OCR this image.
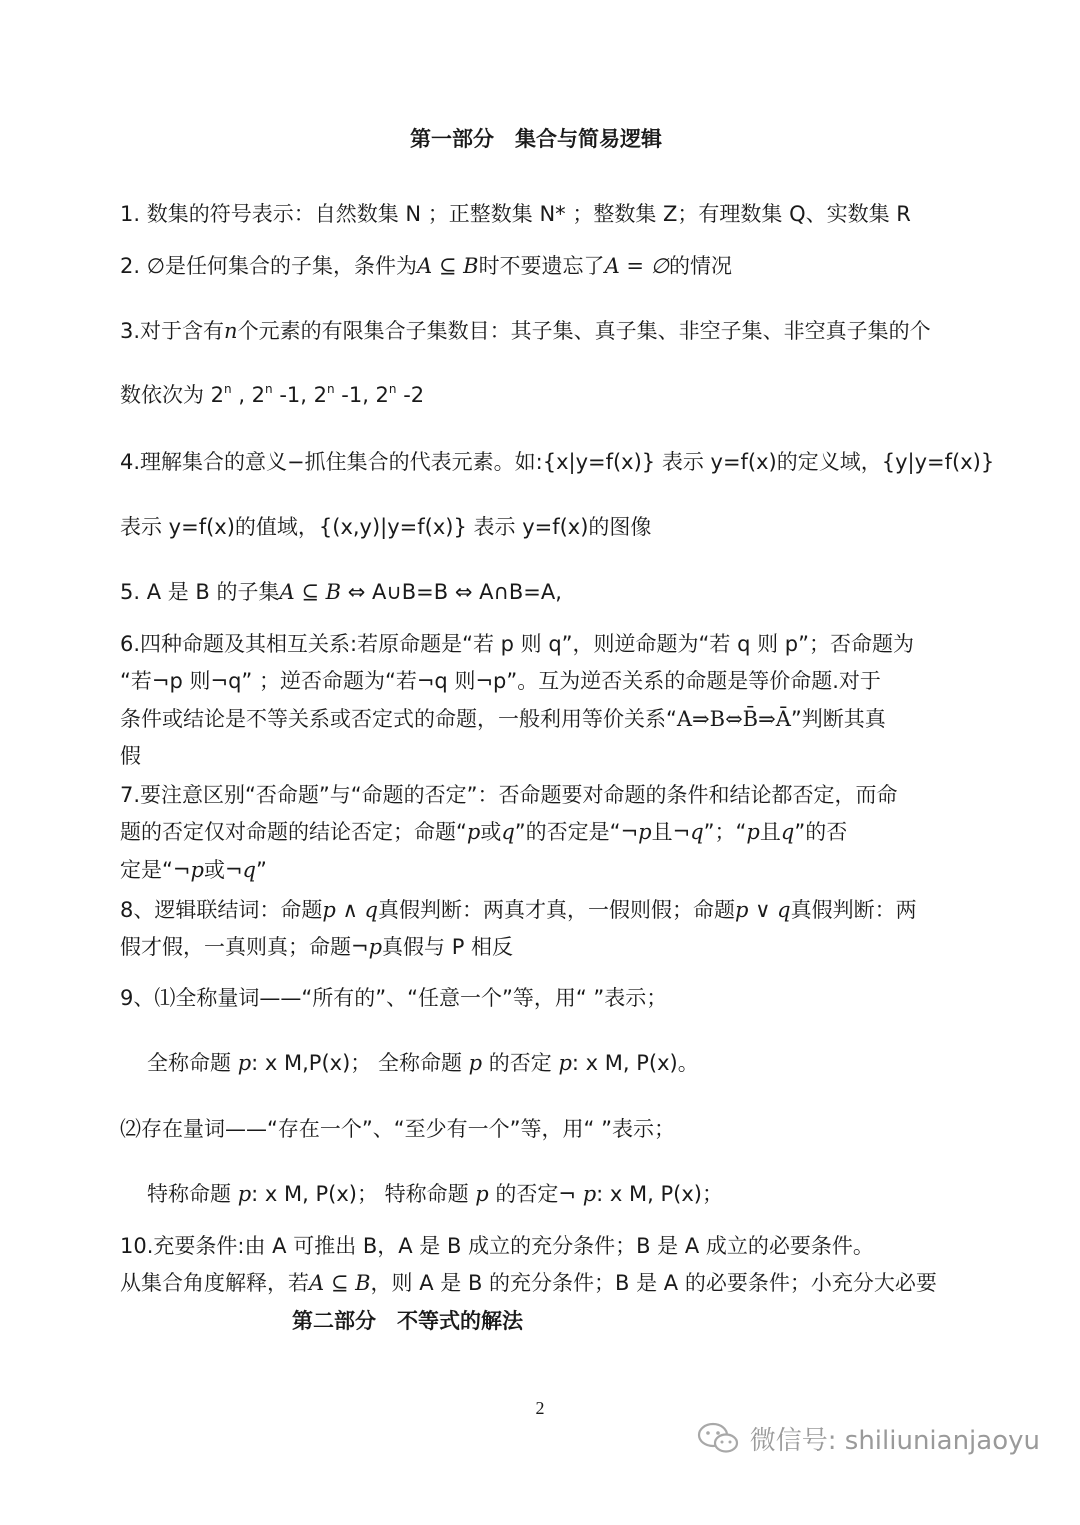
第一部分　集合与简易逻辑
1. 数集的符号表示：自然数集 N ；正整数集 N* ；整数集 Z；有理数集 Q、实数集 R
2. ∅是任何集合的子集，条件为A ⊆ B时不要遗忘了A = ∅的情况
3.对于含有n个元素的有限集合子集数目：其子集、真子集、非空子集、非空真子集的个
数依次为 2$^n$ , 2$^n$ -1, 2$^n$ -1, 2$^n$ -2
4.理解集合的意义−抓住集合的代表元素。如:{x|y=f(x)} 表示 y=f(x)的定义域，{y|y=f(x)}
表示 y=f(x)的值域，{(x,y)|y=f(x)} 表示 y=f(x)的图像
5. A 是 B 的子集A ⊆ B ⇔ A∪B=B ⇔ A∩B=A,
6.四种命题及其相互关系:若原命题是“若 p 则 q”，则逆命题为“若 q 则 p”；否命题为
“若¬p 则¬q” ；逆否命题为“若¬q 则¬p”。互为逆否关系的命题是等价命题.对于
条件或结论是不等关系或否定式的命题，一般利用等价关系“A⇒B⇔B̄⇒Ā”判断其真
假
7.要注意区别“否命题”与“命题的否定”：否命题要对命题的条件和结论都否定，而命
题的否定仅对命题的结论否定；命题“p或q”的否定是“¬p且¬q”；“p且q”的否
定是“¬p或¬q”
8、逻辑联结词：命题p ∧ q真假判断：两真才真，一假则假；命题p ∨ q真假判断：两
假才假，一真则真；命题¬p真假与 P 相反
9、⑴全称量词——“所有的”、“任意一个”等，用“ ”表示；
全称命题 p: x M,P(x)； 全称命题 p 的否定 p: x M, P(x)。
⑵存在量词——“存在一个”、“至少有一个”等，用“ ”表示；
特称命题 p: x M, P(x)； 特称命题 p 的否定¬ p: x M, P(x)；
10.充要条件:由 A 可推出 B，A 是 B 成立的充分条件；B 是 A 成立的必要条件。
从集合角度解释，若A ⊆ B，则 A 是 B 的充分条件；B 是 A 的必要条件；小充分大必要
第二部分　不等式的解法
2
微信号: shiliunianjaoyu
